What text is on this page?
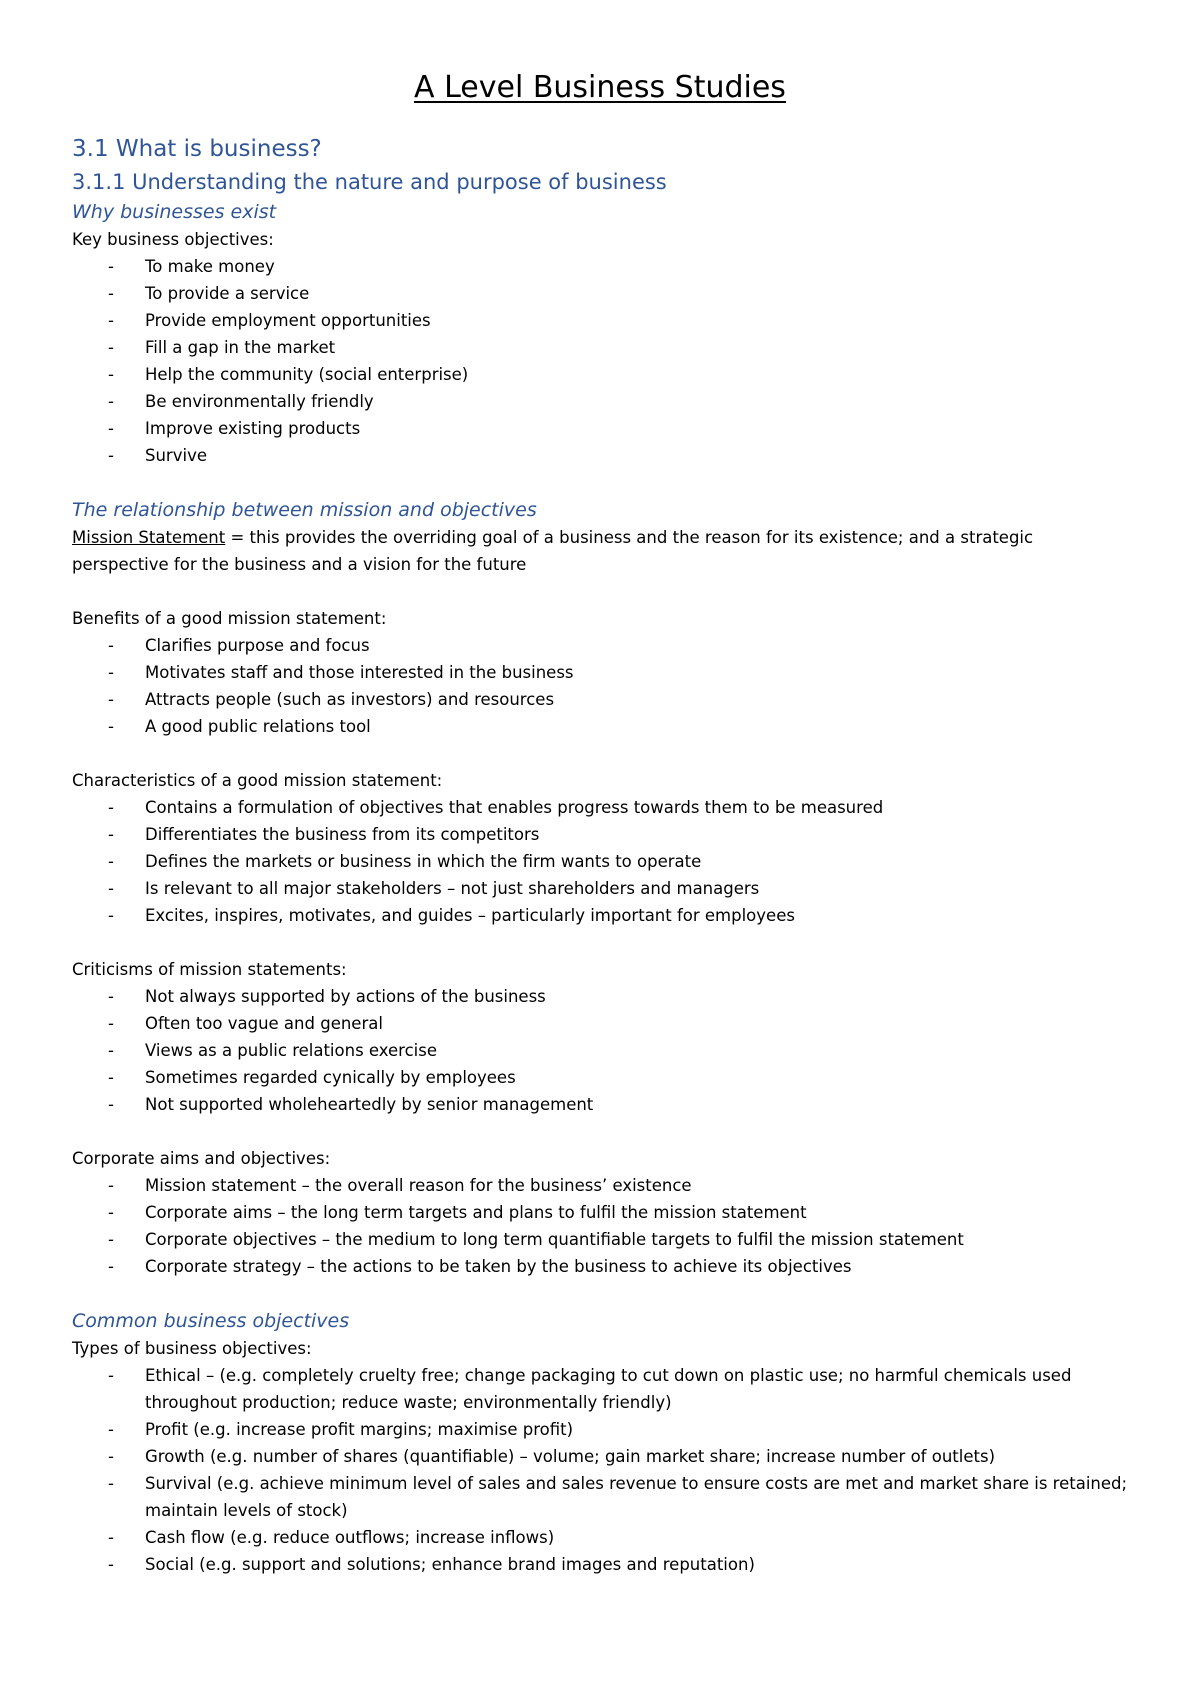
A Level Business Studies
3.1 What is business?
3.1.1 Understanding the nature and purpose of business
Why businesses exist
Key business objectives:
- To make money
- To provide a service
- Provide employment opportunities
- Fill a gap in the market
- Help the community (social enterprise)
- Be environmentally friendly
- Improve existing products
- Survive
The relationship between mission and objectives
Mission Statement = this provides the overriding goal of a business and the reason for its existence; and a strategic perspective for the business and a vision for the future
Benefits of a good mission statement:
- Clarifies purpose and focus
- Motivates staff and those interested in the business
- Attracts people (such as investors) and resources
- A good public relations tool
Characteristics of a good mission statement:
- Contains a formulation of objectives that enables progress towards them to be measured
- Differentiates the business from its competitors
- Defines the markets or business in which the firm wants to operate
- Is relevant to all major stakeholders – not just shareholders and managers
- Excites, inspires, motivates, and guides – particularly important for employees
Criticisms of mission statements:
- Not always supported by actions of the business
- Often too vague and general
- Views as a public relations exercise
- Sometimes regarded cynically by employees
- Not supported wholeheartedly by senior management
Corporate aims and objectives:
- Mission statement – the overall reason for the business’ existence
- Corporate aims – the long term targets and plans to fulfil the mission statement
- Corporate objectives – the medium to long term quantifiable targets to fulfil the mission statement
- Corporate strategy – the actions to be taken by the business to achieve its objectives
Common business objectives
Types of business objectives:
- Ethical – (e.g. completely cruelty free; change packaging to cut down on plastic use; no harmful chemicals used throughout production; reduce waste; environmentally friendly)
- Profit (e.g. increase profit margins; maximise profit)
- Growth (e.g. number of shares (quantifiable) – volume; gain market share; increase number of outlets)
- Survival (e.g. achieve minimum level of sales and sales revenue to ensure costs are met and market share is retained; maintain levels of stock)
- Cash flow (e.g. reduce outflows; increase inflows)
- Social (e.g. support and solutions; enhance brand images and reputation)
